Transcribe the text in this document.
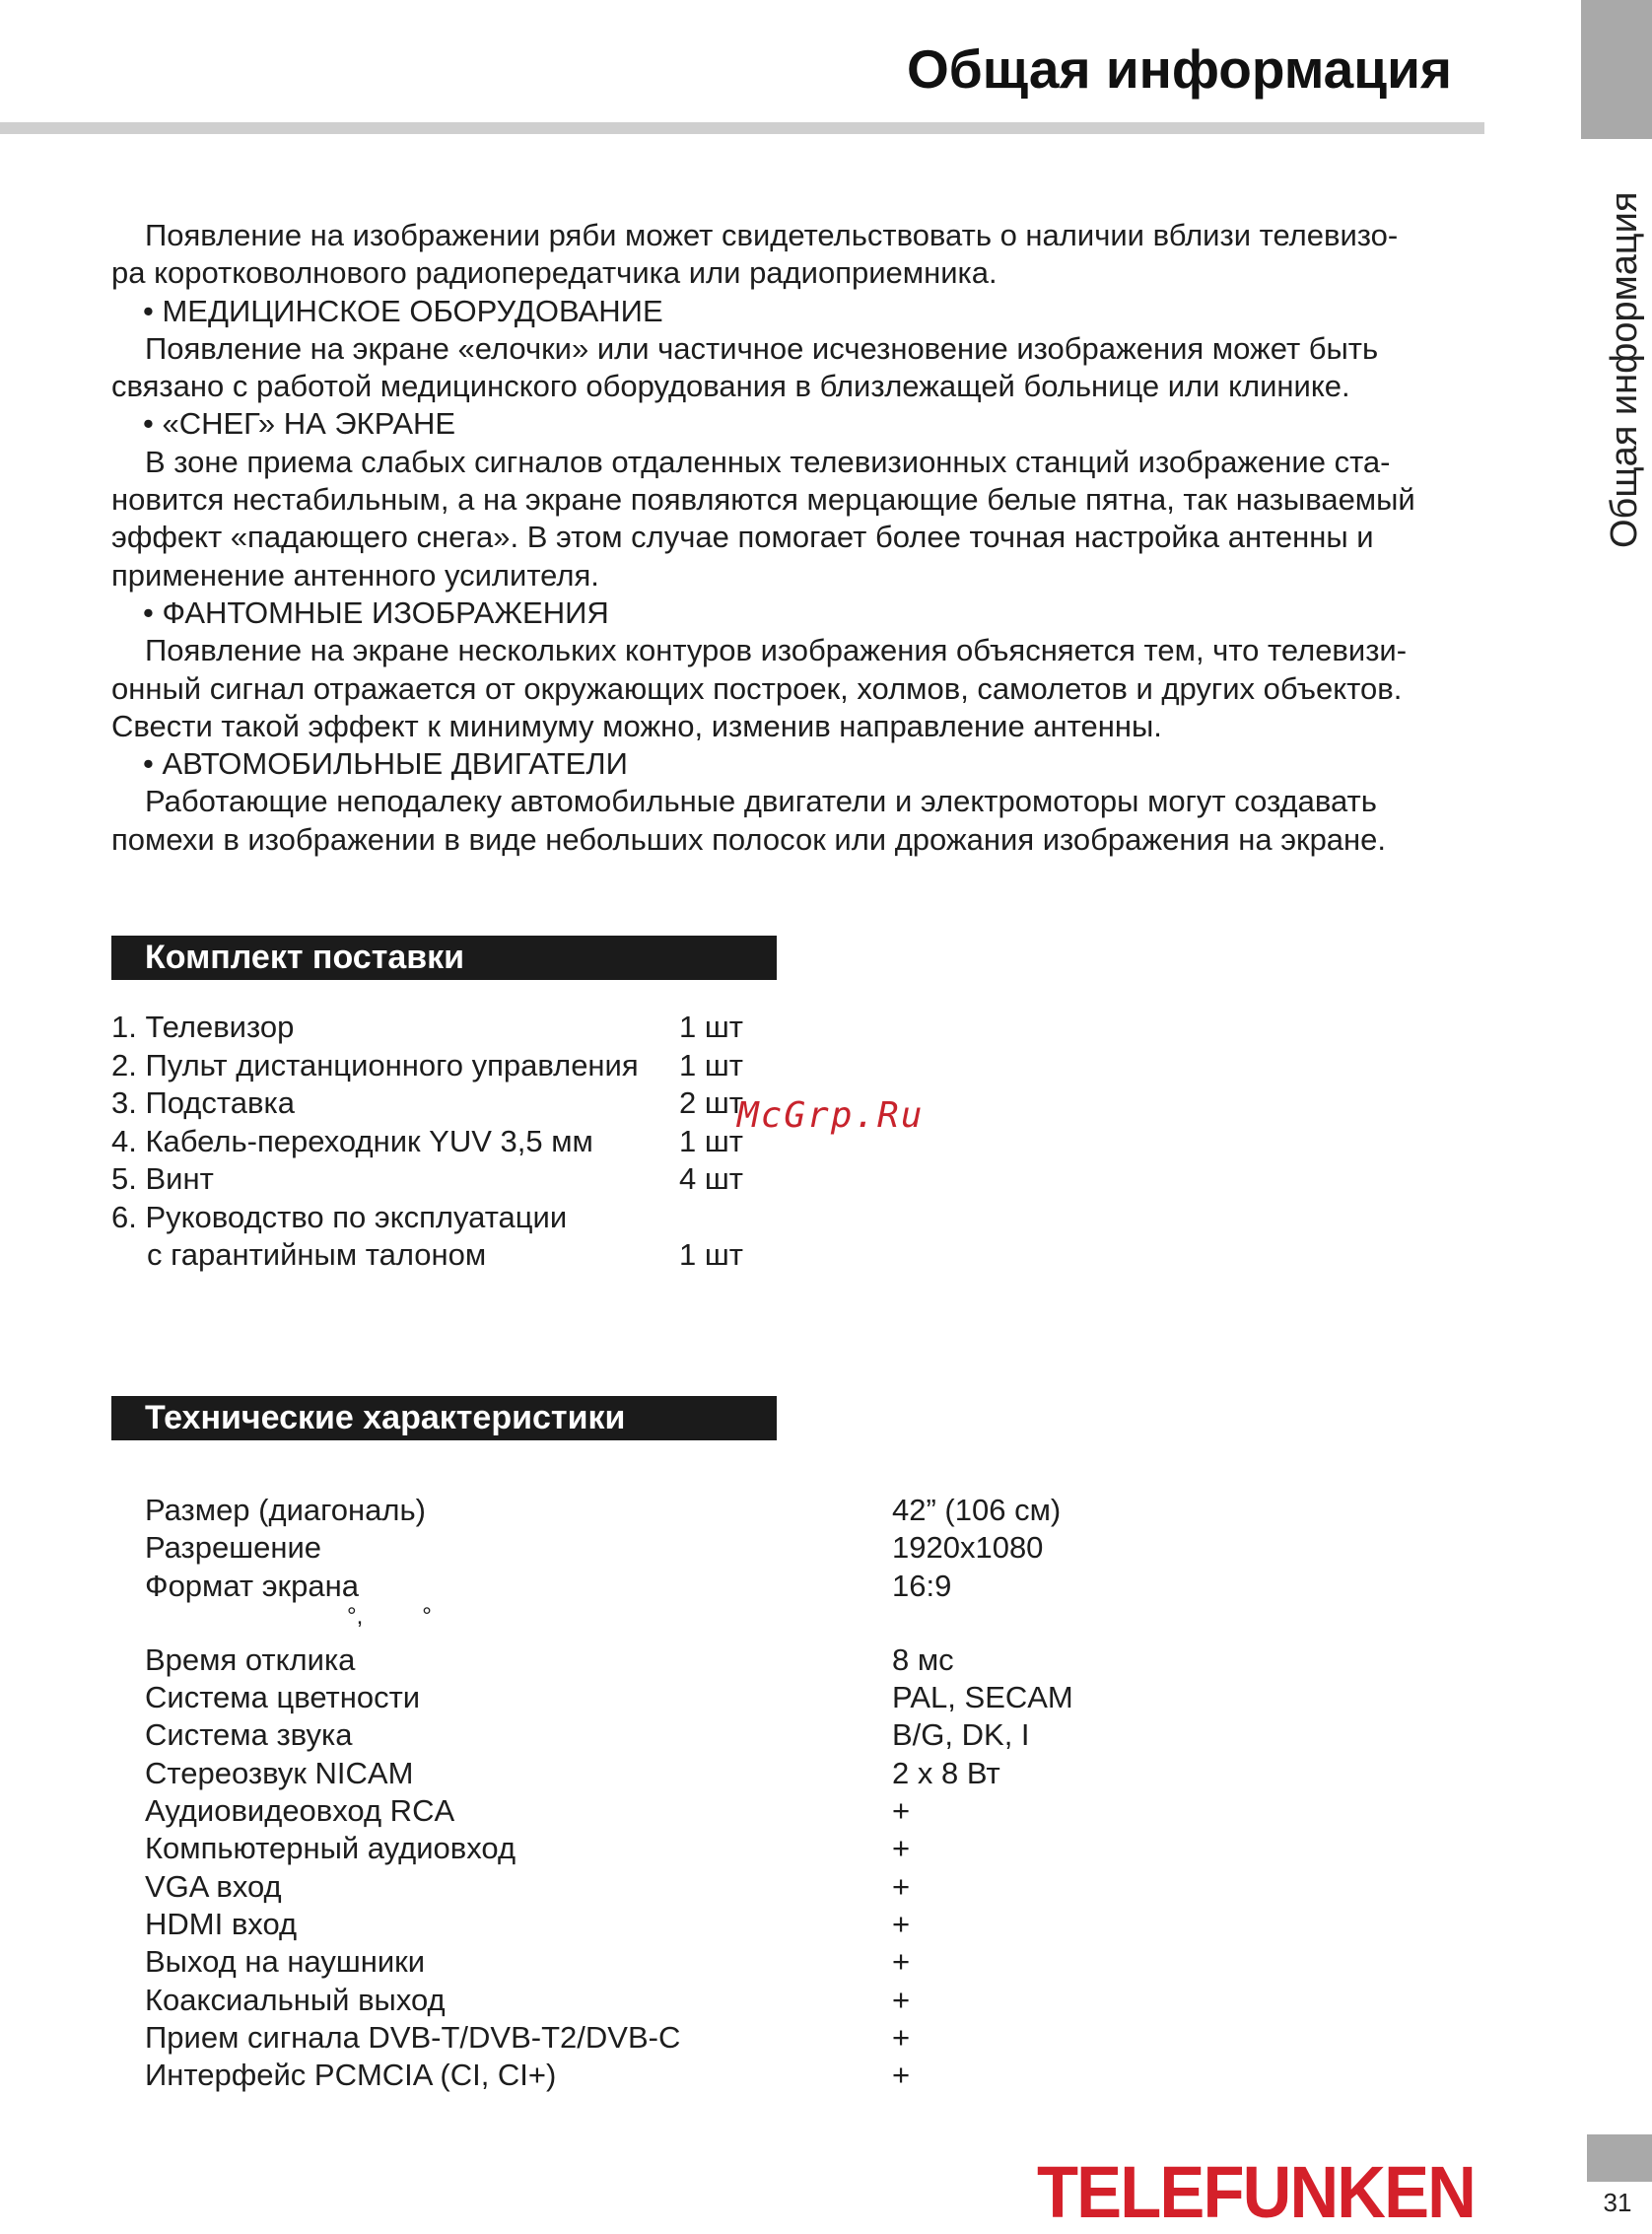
Общая информация
Общая информация
Появление на изображении ряби может свидетельствовать о наличии вблизи телевизо-
ра коротковолнового радиопередатчика или радиоприемника.
• МЕДИЦИНСКОЕ ОБОРУДОВАНИЕ
Появление на экране «елочки» или частичное исчезновение изображения может быть
связано с работой медицинского оборудования в близлежащей больнице или клинике.
• «СНЕГ» НА ЭКРАНЕ
В зоне приема слабых сигналов отдаленных телевизионных станций изображение ста-
новится нестабильным, а на экране появляются мерцающие белые пятна, так называемый
эффект «падающего снега». В этом случае помогает более точная настройка антенны и
применение антенного усилителя.
• ФАНТОМНЫЕ ИЗОБРАЖЕНИЯ
Появление на экране нескольких контуров изображения объясняется тем, что телевизи-
онный сигнал отражается от окружающих построек, холмов, самолетов и других объектов.
Свести такой эффект к минимуму можно, изменив направление антенны.
• АВТОМОБИЛЬНЫЕ ДВИГАТЕЛИ
Работающие неподалеку автомобильные двигатели и электромоторы могут создавать
помехи в изображении в виде небольших полосок или дрожания изображения на экране.
Комплект поставки
1. Телевизор	1 шт
2. Пульт дистанционного управления 1 шт
3. Подставка	2 шт
4. Кабель-переходник YUV 3,5 мм	1 шт
5. Винт	4 шт
6. Руководство по эксплуатации
с гарантийным талоном	1 шт
McGrp.Ru
Технические характеристики
Размер (диагональ)	42” (106 см)
Разрешение	1920x1080
Формат экрана	16:9
°,         °
Время отклика	8 мс
Система цветности	PAL, SECAM
Система звука	B/G, DK, I
Стереозвук NICAM	2 x 8 Вт
Аудиовидеовход RCA	+
Компьютерный аудиовход	+
VGA вход	+
HDMI вход	+
Выход на наушники	+
Коаксиальный выход	+
Прием сигнала DVB-T/DVB-T2/DVB-C	+
Интерфейс PCMCIA (CI, CI+)	+
TELEFUNKEN	31
